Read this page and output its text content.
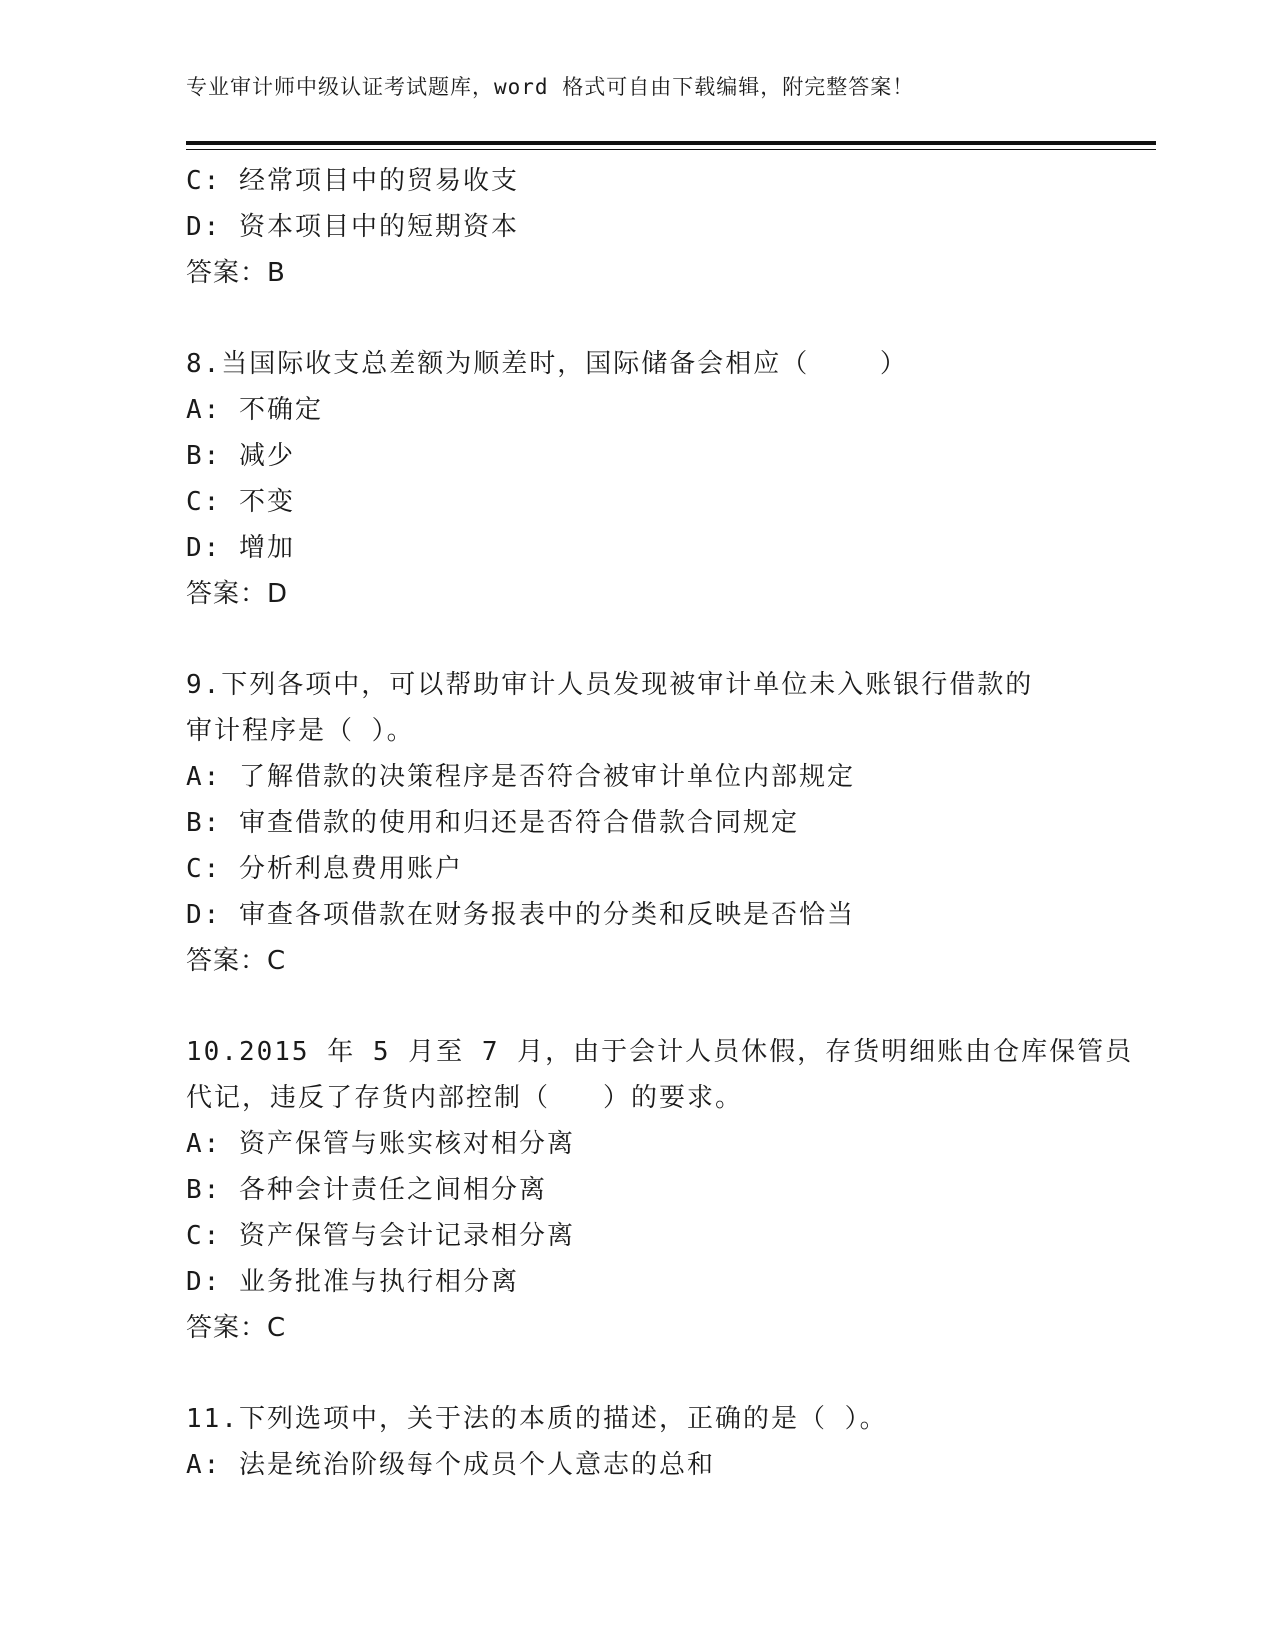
专业审计师中级认证考试题库，word 格式可自由下载编辑，附完整答案！
C: 经常项目中的贸易收支
D: 资本项目中的短期资本
答案：B
8.当国际收支总差额为顺差时，国际储备会相应（    ）
A: 不确定
B: 减少
C: 不变
D: 增加
答案：D
9.下列各项中，可以帮助审计人员发现被审计单位未入账银行借款的
审计程序是（ ）。
A: 了解借款的决策程序是否符合被审计单位内部规定
B: 审查借款的使用和归还是否符合借款合同规定
C: 分析利息费用账户
D: 审查各项借款在财务报表中的分类和反映是否恰当
答案：C
10.2015 年 5 月至 7 月，由于会计人员休假，存货明细账由仓库保管员
代记，违反了存货内部控制（   ）的要求。
A: 资产保管与账实核对相分离
B: 各种会计责任之间相分离
C: 资产保管与会计记录相分离
D: 业务批准与执行相分离
答案：C
11.下列选项中，关于法的本质的描述，正确的是（ ）。
A: 法是统治阶级每个成员个人意志的总和
